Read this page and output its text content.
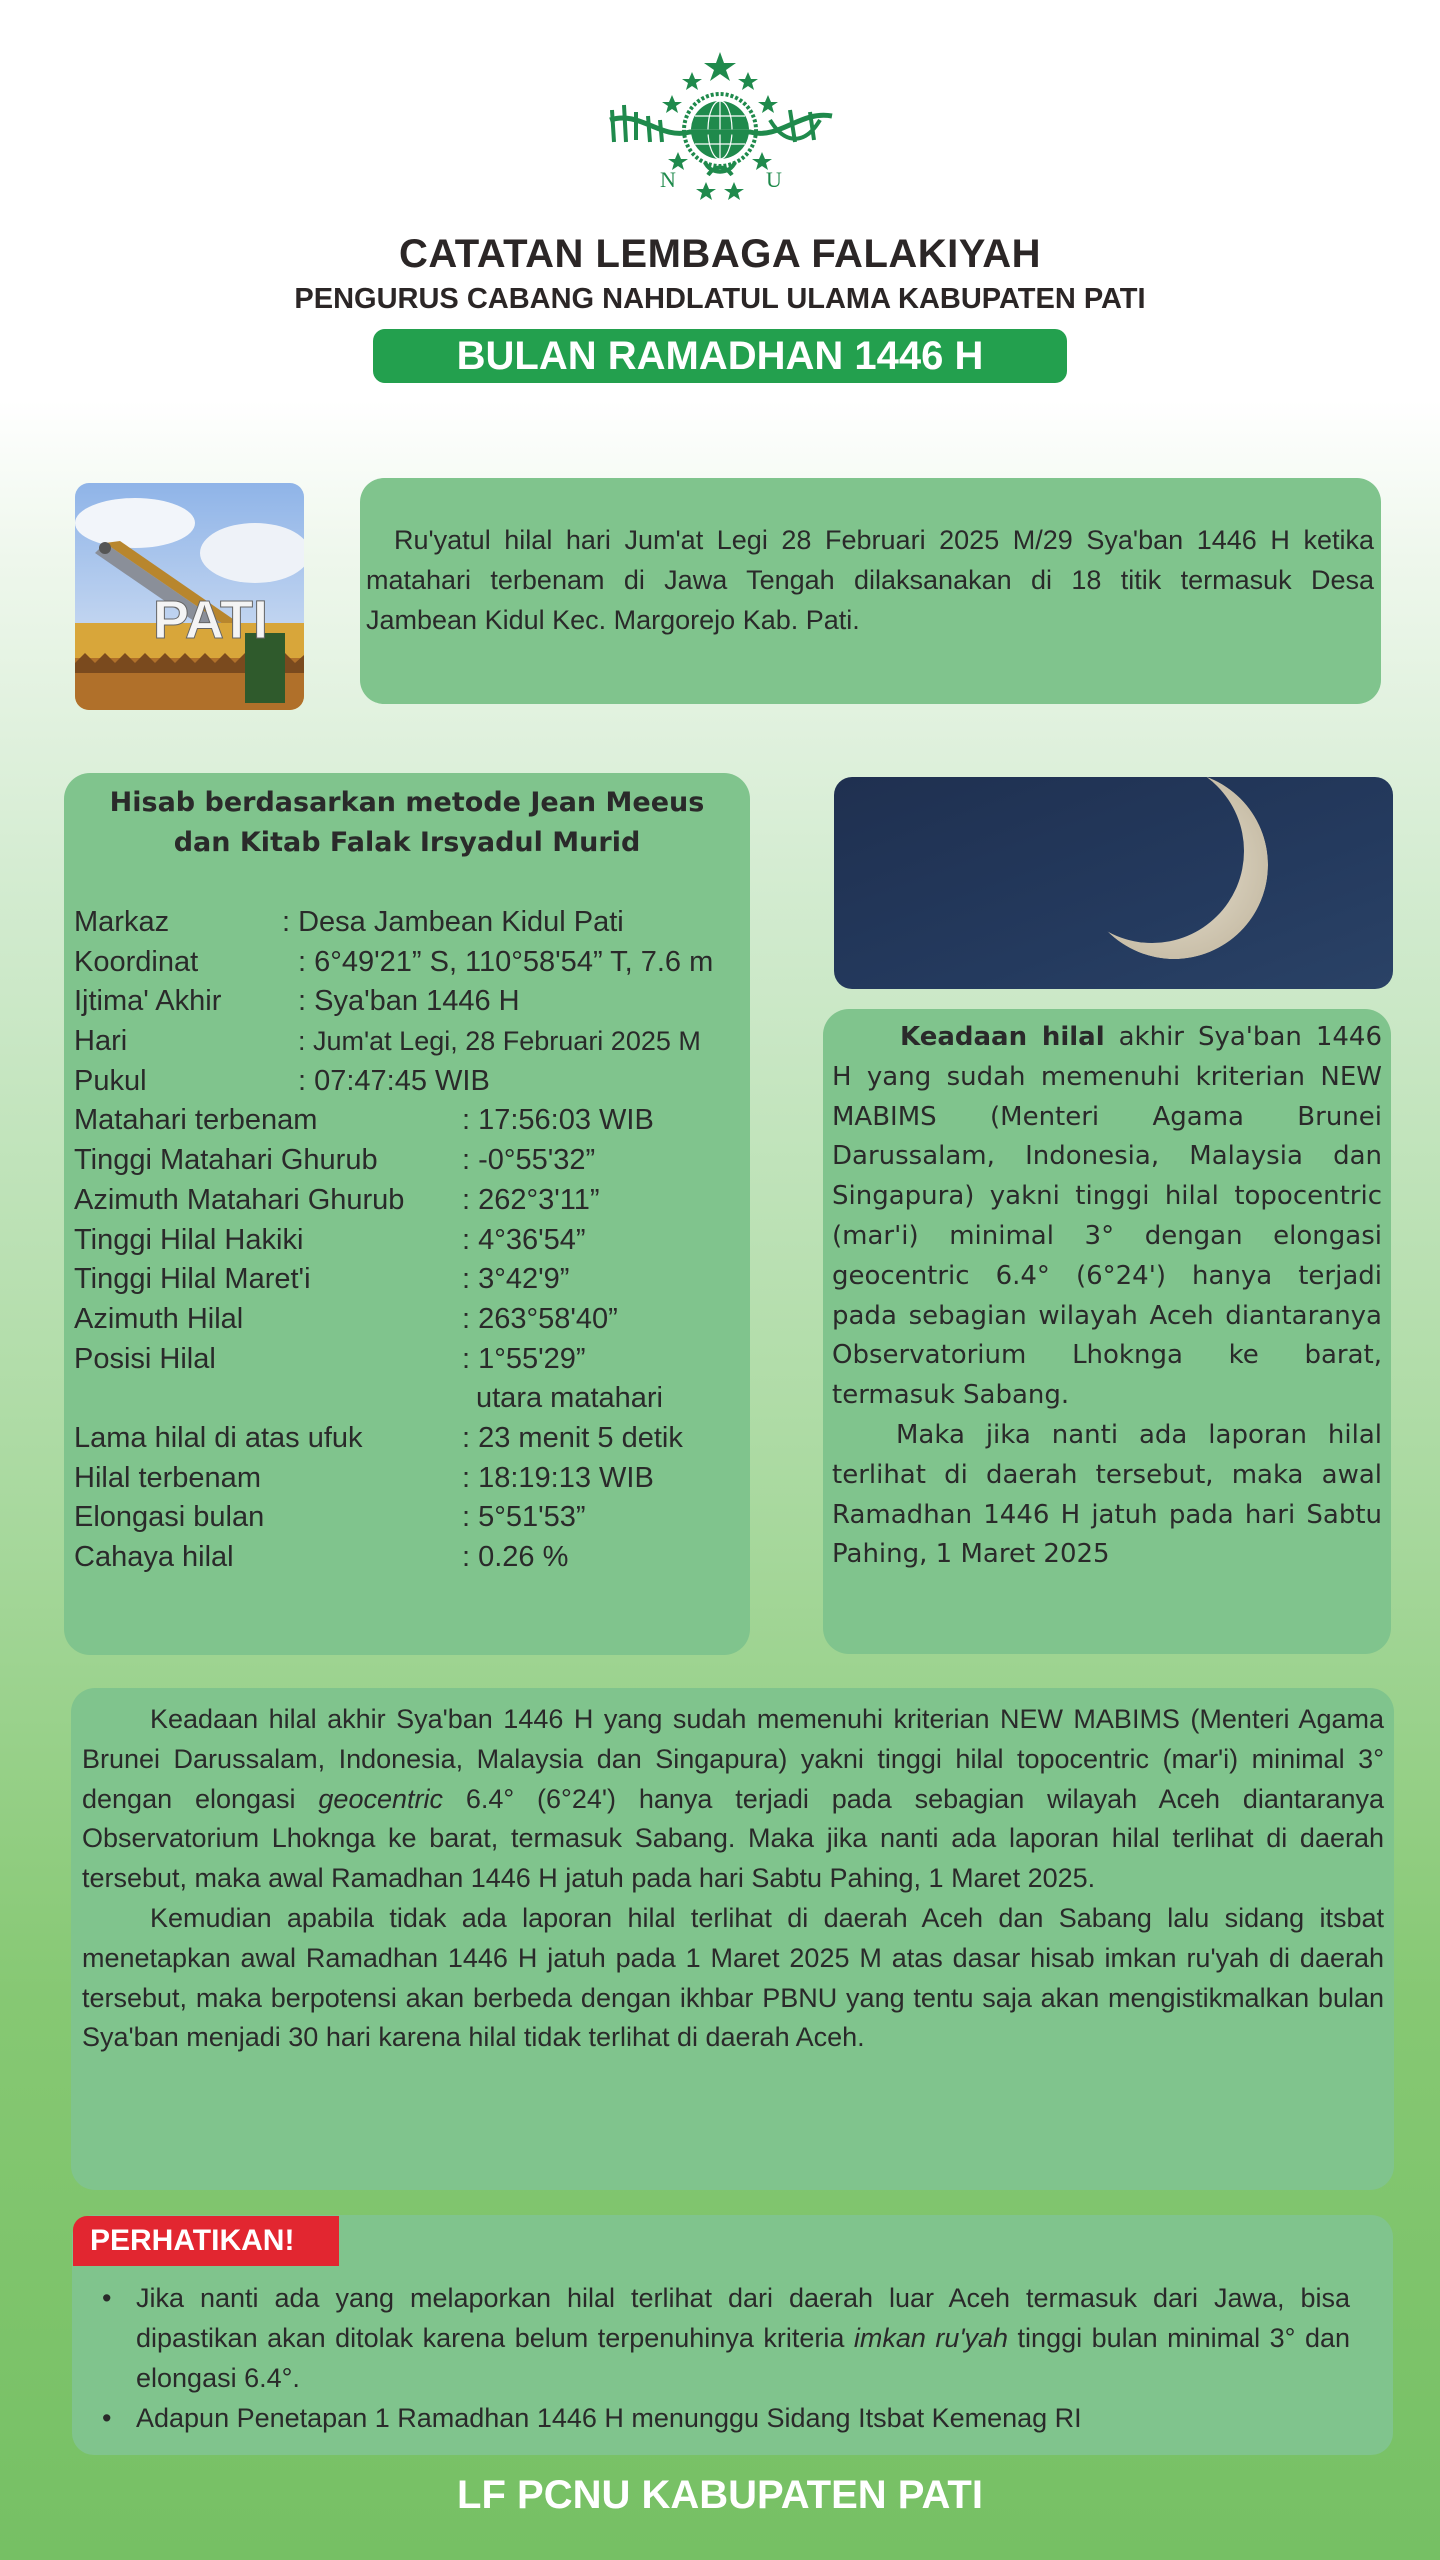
N	U
CATATAN LEMBAGA FALAKIYAH
PENGURUS CABANG NAHDLATUL ULAMA KABUPATEN PATI
BULAN RAMADHAN 1446 H
PATI
Ru'yatul hilal hari Jum'at Legi 28 Februari 2025 M/29 Sya'ban 1446 H ketika matahari terbenam di Jawa Tengah dilaksanakan di 18 titik termasuk Desa Jambean Kidul Kec. Margorejo Kab. Pati.
Hisab berdasarkan metode Jean Meeus
dan Kitab Falak Irsyadul Murid
Markaz	: Desa Jambean Kidul Pati
Koordinat	: 6°49'21” S, 110°58'54” T, 7.6 m
Ijtima' Akhir	: Sya'ban 1446 H
Hari	: Jum'at Legi, 28 Februari 2025 M
Pukul	: 07:47:45 WIB
Matahari terbenam	: 17:56:03 WIB
Tinggi Matahari Ghurub	: -0°55'32”
Azimuth Matahari Ghurub : 262°3'11”
Tinggi Hilal Hakiki	: 4°36'54”
Tinggi Hilal Maret'i	: 3°42'9”
Azimuth Hilal	: 263°58'40”
Posisi Hilal	: 1°55'29”
utara matahari
Lama hilal di atas ufuk	: 23 menit 5 detik
Hilal terbenam	: 18:19:13 WIB
Elongasi bulan	: 5°51'53”
Cahaya hilal	: 0.26 %

Keadaan hilal akhir Sya'ban 1446 H yang sudah memenuhi kriterian NEW MABIMS (Menteri Agama Brunei Darussalam, Indonesia, Malaysia dan Singapura) yakni tinggi hilal topocentric (mar'i) minimal 3° dengan elongasi geocentric 6.4° (6°24') hanya terjadi pada sebagian wilayah Aceh diantaranya Observatorium Lhoknga ke barat, termasuk Sabang.

Maka jika nanti ada laporan hilal terlihat di daerah tersebut, maka awal Ramadhan 1446 H jatuh pada hari Sabtu Pahing, 1 Maret 2025

Keadaan hilal akhir Sya'ban 1446 H yang sudah memenuhi kriterian NEW MABIMS (Menteri Agama Brunei Darussalam, Indonesia, Malaysia dan Singapura) yakni tinggi hilal topocentric (mar'i) minimal 3° dengan elongasi geocentric 6.4° (6°24') hanya terjadi pada sebagian wilayah Aceh diantaranya Observatorium Lhoknga ke barat, termasuk Sabang. Maka jika nanti ada laporan hilal terlihat di daerah tersebut, maka awal Ramadhan 1446 H jatuh pada hari Sabtu Pahing, 1 Maret 2025.

Kemudian apabila tidak ada laporan hilal terlihat di daerah Aceh dan Sabang lalu sidang itsbat menetapkan awal Ramadhan 1446 H jatuh pada 1 Maret 2025 M atas dasar hisab imkan ru'yah di daerah tersebut, maka berpotensi akan berbeda dengan ikhbar PBNU yang tentu saja akan mengistikmalkan bulan Sya'ban menjadi 30 hari karena hilal tidak terlihat di daerah Aceh.

PERHATIKAN!
• Jika nanti ada yang melaporkan hilal terlihat dari daerah luar Aceh termasuk dari Jawa, bisa dipastikan akan ditolak karena belum terpenuhinya kriteria imkan ru'yah tinggi bulan minimal 3° dan elongasi 6.4°.
• Adapun Penetapan 1 Ramadhan 1446 H menunggu Sidang Itsbat Kemenag RI
LF PCNU KABUPATEN PATI
